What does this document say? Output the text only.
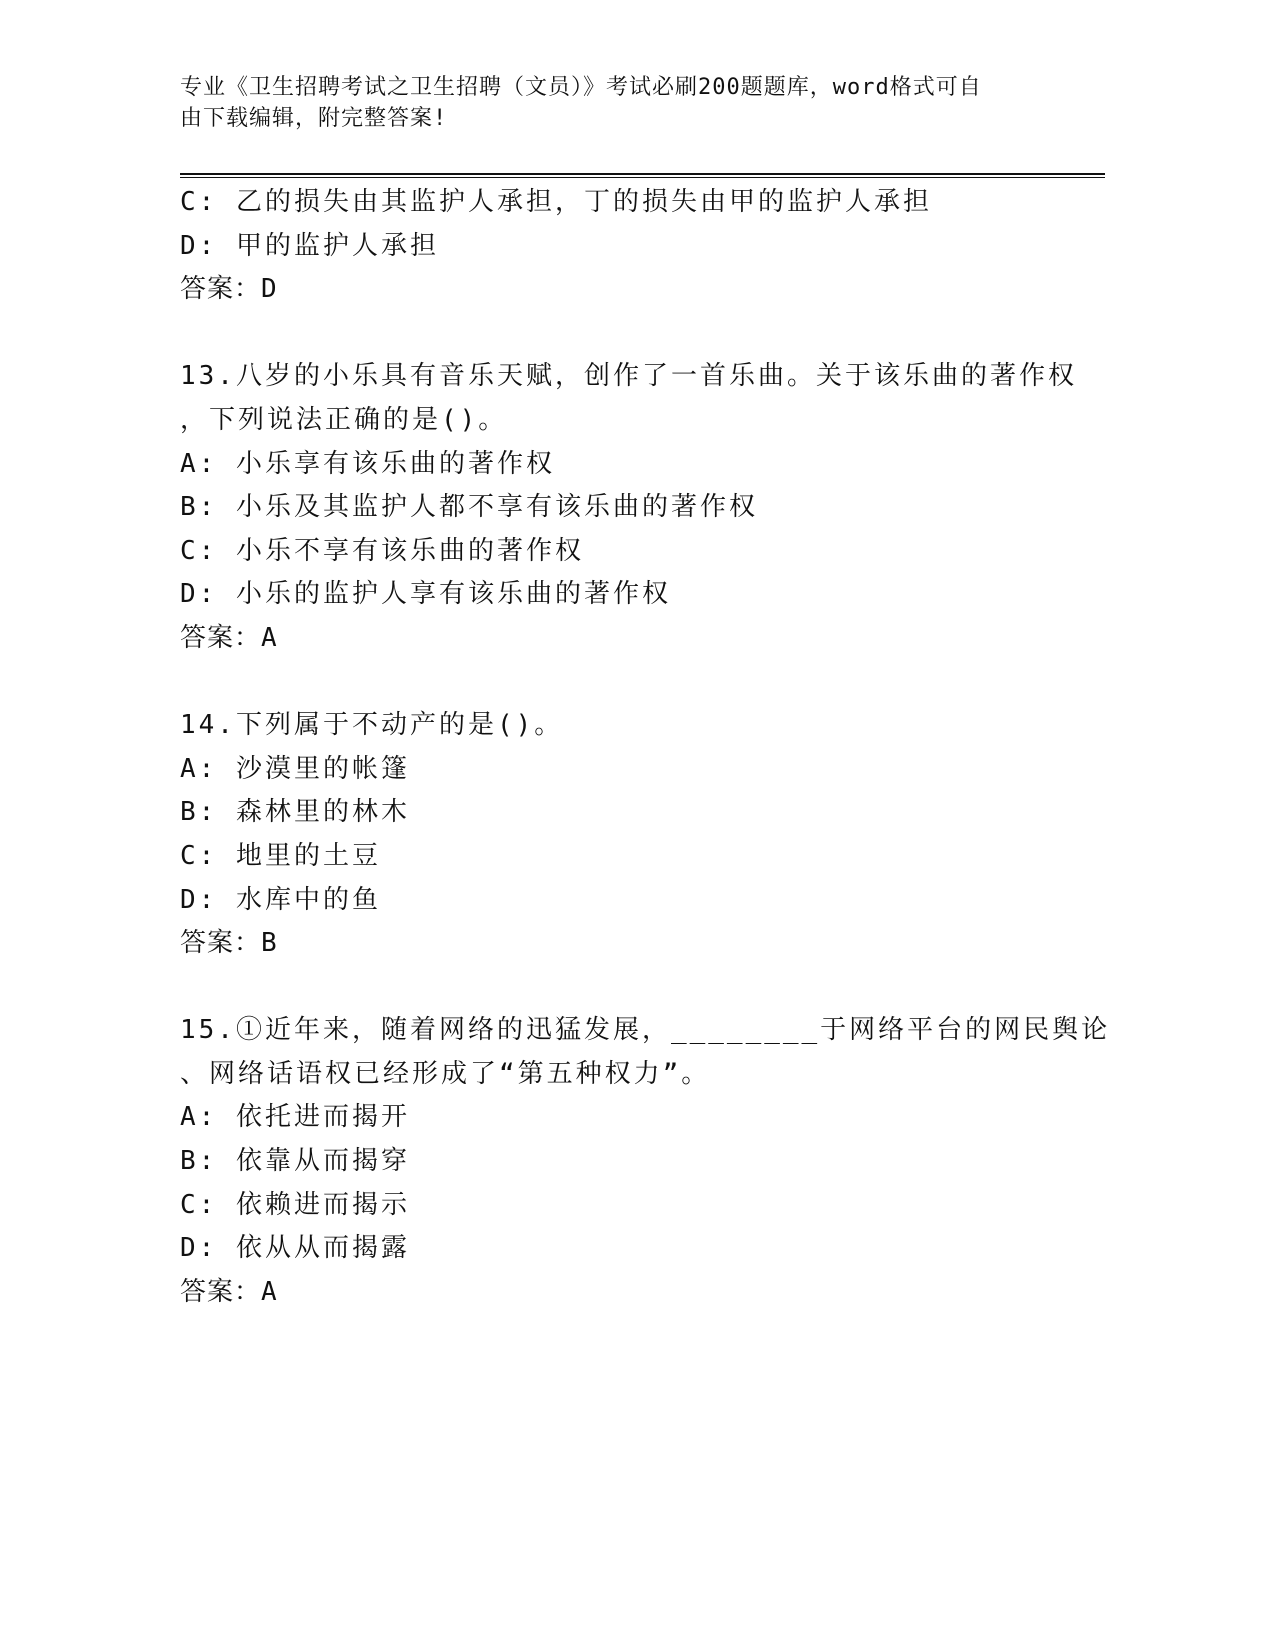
专业《卫生招聘考试之卫生招聘（文员）》考试必刷200题题库，word格式可自
由下载编辑，附完整答案!
C: 乙的损失由其监护人承担，丁的损失由甲的监护人承担
D: 甲的监护人承担
答案：D
13.八岁的小乐具有音乐天赋，创作了一首乐曲。关于该乐曲的著作权
，下列说法正确的是()。
A: 小乐享有该乐曲的著作权
B: 小乐及其监护人都不享有该乐曲的著作权
C: 小乐不享有该乐曲的著作权
D: 小乐的监护人享有该乐曲的著作权
答案：A
14.下列属于不动产的是()。
A: 沙漠里的帐篷
B: 森林里的林木
C: 地里的土豆
D: 水库中的鱼
答案：B
15.①近年来，随着网络的迅猛发展，________于网络平台的网民舆论
、网络话语权已经形成了“第五种权力”。
A: 依托进而揭开
B: 依靠从而揭穿
C: 依赖进而揭示
D: 依从从而揭露
答案：A
